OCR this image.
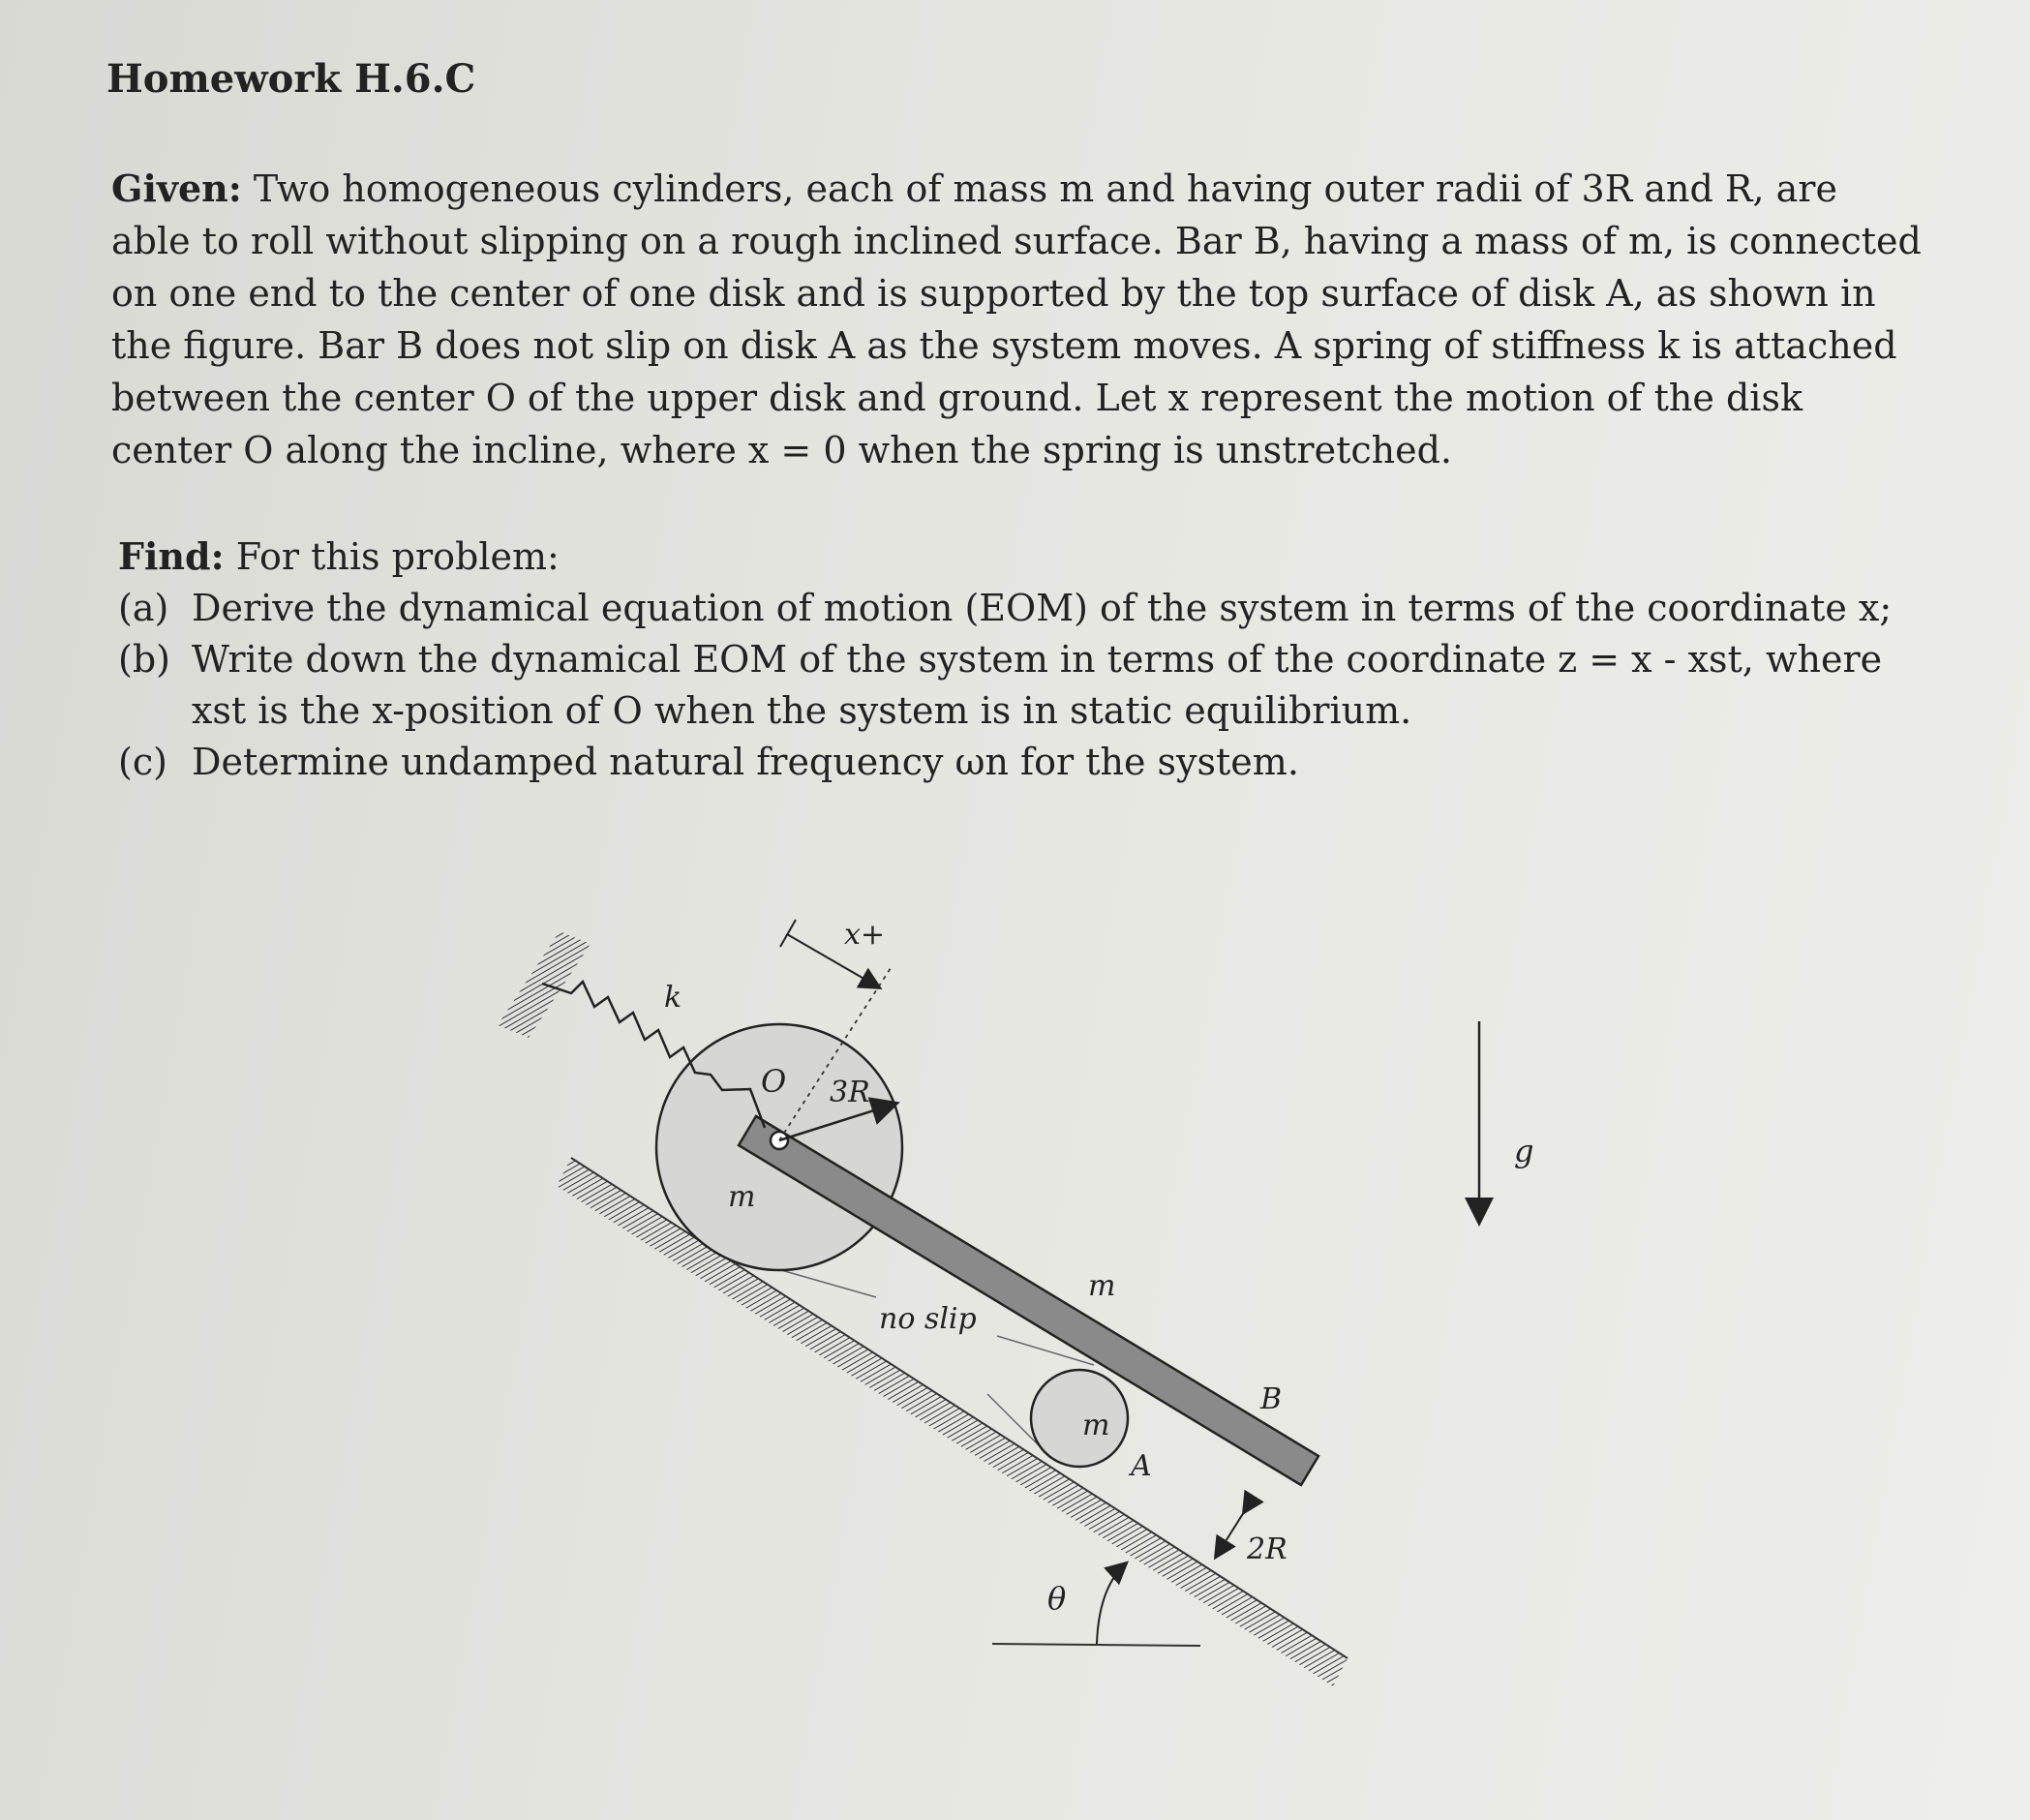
Homework H.6.C
Given: Two homogeneous cylinders, each of mass m and having outer radii of 3R and R, are able to roll without slipping on a rough inclined surface. Bar B, having a mass of m, is connected on one end to the center of one disk and is supported by the top surface of disk A, as shown in the figure. Bar B does not slip on disk A as the system moves. A spring of stiffness k is attached between the center O of the upper disk and ground. Let x represent the motion of the disk center O along the incline, where x = 0 when the spring is unstretched.
Find: For this problem:
(a) Derive the dynamical equation of motion (EOM) of the system in terms of the coordinate x;
(b) Write down the dynamical EOM of the system in terms of the coordinate z = x - xst, where
xst is the x-position of O when the system is in static equilibrium.
(c) Determine undamped natural frequency ωn for the system.
k
O 3R
x+
m
m
no slip
m
A
B
2R
θ
g
